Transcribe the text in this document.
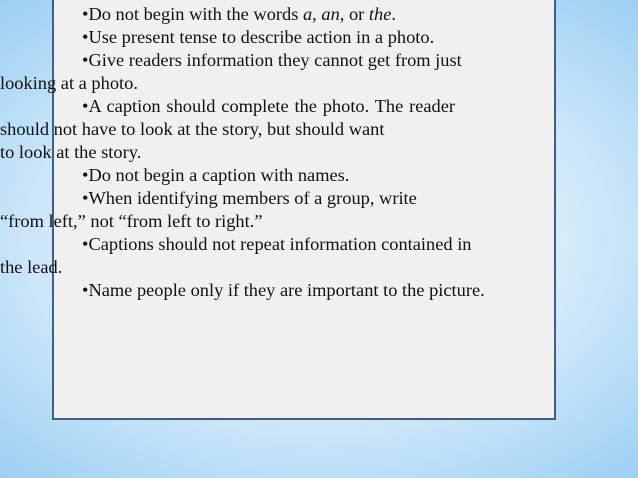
•Do not begin with the words a, an, or the.
•Use present tense to describe action in a photo.
•Give readers information they cannot get from just
looking at a photo.
•A caption should complete the photo. The reader
should not have to look at the story, but should want
to look at the story.
•Do not begin a caption with names.
•When identifying members of a group, write
“from left,” not “from left to right.”
•Captions should not repeat information contained in
the lead.
•Name people only if they are important to the picture.
